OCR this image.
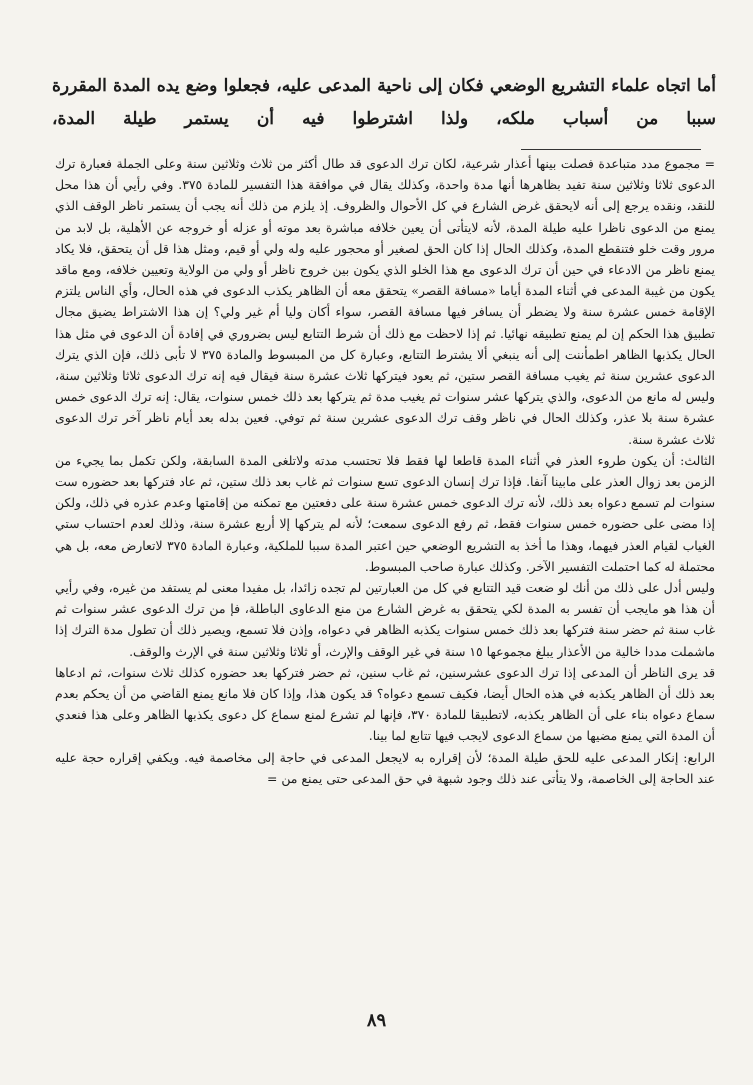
أما اتجاه علماء التشريع الوضعي فكان إلى ناحية المدعى عليه، فجعلوا وضع يده المدة المقررة سببا من أسباب ملكه، ولذا اشترطوا فيه أن يستمر طيلة المدة،

= مجموع مدد متباعدة فصلت بينها أعذار شرعية، لكان ترك الدعوى قد طال أكثر من ثلاث وثلاثين سنة وعلى الجملة فعبارة ترك الدعوى ثلاثا وثلاثين سنة تفيد بظاهرها أنها مدة واحدة، وكذلك يقال في موافقة هذا التفسير للمادة ٣٧٥. وفي رأيي أن هذا محل للنقد، ونقده يرجع إلى أنه لايحقق غرض الشارع في كل الأحوال والظروف. إذ يلزم من ذلك أنه يجب أن يستمر ناظر الوقف الذي يمنع من الدعوى ناظرا عليه طيلة المدة، لأنه لايتأتى أن يعين خلافه مباشرة بعد موته أو عزله أو خروجه عن الأهلية، بل لابد من مرور وقت خلو فتنقطع المدة، وكذلك الحال إذا كان الحق لصغير أو محجور عليه وله ولي أو قيم، ومثل هذا قل أن يتحقق، فلا يكاد يمنع ناظر من الادعاء في حين أن ترك الدعوى مع هذا الخلو الذي يكون بين خروج ناظر أو ولي من الولاية وتعيين خلافه، ومع ماقد يكون من غيبة المدعى في أثناء المدة أياما «مسافة القصر» يتحقق معه أن الظاهر يكذب الدعوى في هذه الحال، وأي الناس يلتزم الإقامة خمس عشرة سنة ولا يضطر أن يسافر فيها مسافة القصر، سواء أكان وليا أم غير ولي؟ إن هذا الاشتراط يضيق مجال تطبيق هذا الحكم إن لم يمنع تطبيقه نهائيا. ثم إذا لاحظت مع ذلك أن شرط التتابع ليس بضروري في إفادة أن الدعوى في مثل هذا الحال يكذبها الظاهر اطمأننت إلى أنه ينبغي ألا يشترط التتابع، وعبارة كل من المبسوط والمادة ٣٧٥ لا تأبى ذلك، فإن الذي يترك الدعوى عشرين سنة ثم يغيب مسافة القصر ستين، ثم يعود فيتركها ثلاث عشرة سنة فيقال فيه إنه ترك الدعوى ثلاثا وثلاثين سنة، وليس له مانع من الدعوى، والذي يتركها عشر سنوات ثم يغيب مدة ثم يتركها بعد ذلك خمس سنوات، يقال: إنه ترك الدعوى خمس عشرة سنة بلا عذر، وكذلك الحال في ناظر وقف ترك الدعوى عشرين سنة ثم توفي. فعين بدله بعد أيام ناظر آخر ترك الدعوى ثلاث عشرة سنة.

الثالث: أن يكون طروء العذر في أثناء المدة قاطعا لها فقط فلا تحتسب مدته ولاتلغى المدة السابقة، ولكن تكمل بما يجيء من الزمن بعد زوال العذر على مابينا آنفا. فإذا ترك إنسان الدعوى تسع سنوات ثم غاب بعد ذلك ستين، ثم عاد فتركها بعد حضوره ست سنوات لم تسمع دعواه بعد ذلك، لأنه ترك الدعوى خمس عشرة سنة على دفعتين مع تمكنه من إقامتها وعدم عذره في ذلك، ولكن إذا مضى على حضوره خمس سنوات فقط، ثم رفع الدعوى سمعت؛ لأنه لم يتركها إلا أربع عشرة سنة، وذلك لعدم احتساب ستي الغياب لقيام العذر فيهما، وهذا ما أخذ به التشريع الوضعي حين اعتبر المدة سببا للملكية، وعبارة المادة ٣٧٥ لاتعارض معه، بل هي محتملة له كما احتملت التفسير الآخر. وكذلك عبارة صاحب المبسوط.

وليس أدل على ذلك من أنك لو ضعت قيد التتابع في كل من العبارتين لم تجده زائدا، بل مفيدا معنى لم يستفد من غيره، وفي رأيي أن هذا هو مايجب أن تفسر به المدة لكي يتحقق به غرض الشارع من منع الدعاوى الباطلة، فإ من ترك الدعوى عشر سنوات ثم غاب سنة ثم حضر سنة فتركها بعد ذلك خمس سنوات يكذبه الظاهر في دعواه، وإذن فلا تسمع، ويصير ذلك أن تطول مدة الترك إذا ماشملت مددا خالية من الأعذار يبلغ مجموعها ١٥ سنة في غير الوقف والإرث، أو ثلاثا وثلاثين سنة في الإرث والوقف.

قد يرى الناظر أن المدعى إذا ترك الدعوى عشرسنين، ثم غاب سنين، ثم حضر فتركها بعد حضوره كذلك ثلاث سنوات، ثم ادعاها بعد ذلك أن الظاهر يكذبه في هذه الحال أيضا، فكيف تسمع دعواه؟ قد يكون هذا، وإذا كان فلا مانع يمنع القاضي من أن يحكم بعدم سماع دعواه بناء على أن الظاهر يكذبه، لاتطبيقا للمادة ٣٧٠، فإنها لم تشرع لمنع سماع كل دعوى يكذبها الظاهر وعلى هذا فنعدي أن المدة التي يمنع مضيها من سماع الدعوى لايجب فيها تتابع لما بينا.

الرابع: إنكار المدعى عليه للحق طيلة المدة؛ لأن إقراره به لايجعل المدعى في حاجة إلى مخاصمة فيه. ويكفي إقراره حجة عليه عند الحاجة إلى الخاصمة، ولا يتأتى عند ذلك وجود شبهة في حق المدعى حتى يمنع من =

٨٩
